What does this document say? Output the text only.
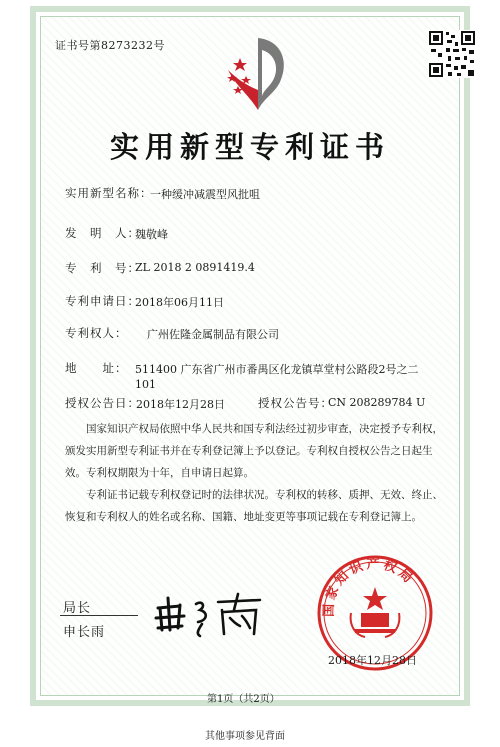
证书号第8273232号
实用新型专利证书
实用新型名称：
一种缓冲减震型风批咀
发　明　人：
魏敬峰
专　利　号：
ZL 2018 2 0891419.4
专利申请日：
2018年06月11日
专利权人： 广州佐隆金属制品有限公司
地　　址： 511400 广东省广州市番禺区化龙镇草堂村公路段2号之二
101
授权公告日：
2018年12月28日	授权公告号：
CN 208289784 U
国家知识产权局依照中华人民共和国专利法经过初步审查，决定授予专利权，颁发实用新型专利证书并在专利登记簿上予以登记。专利权自授权公告之日起生效。专利权期限为十年，自申请日起算。
专利证书记载专利权登记时的法律状况。专利权的转移、质押、无效、终止、恢复和专利权人的姓名或名称、国籍、地址变更等事项记载在专利登记簿上。
局长
申长雨
国家知识产权局
2018年12月28日
第1页（共2页）
其他事项参见背面
